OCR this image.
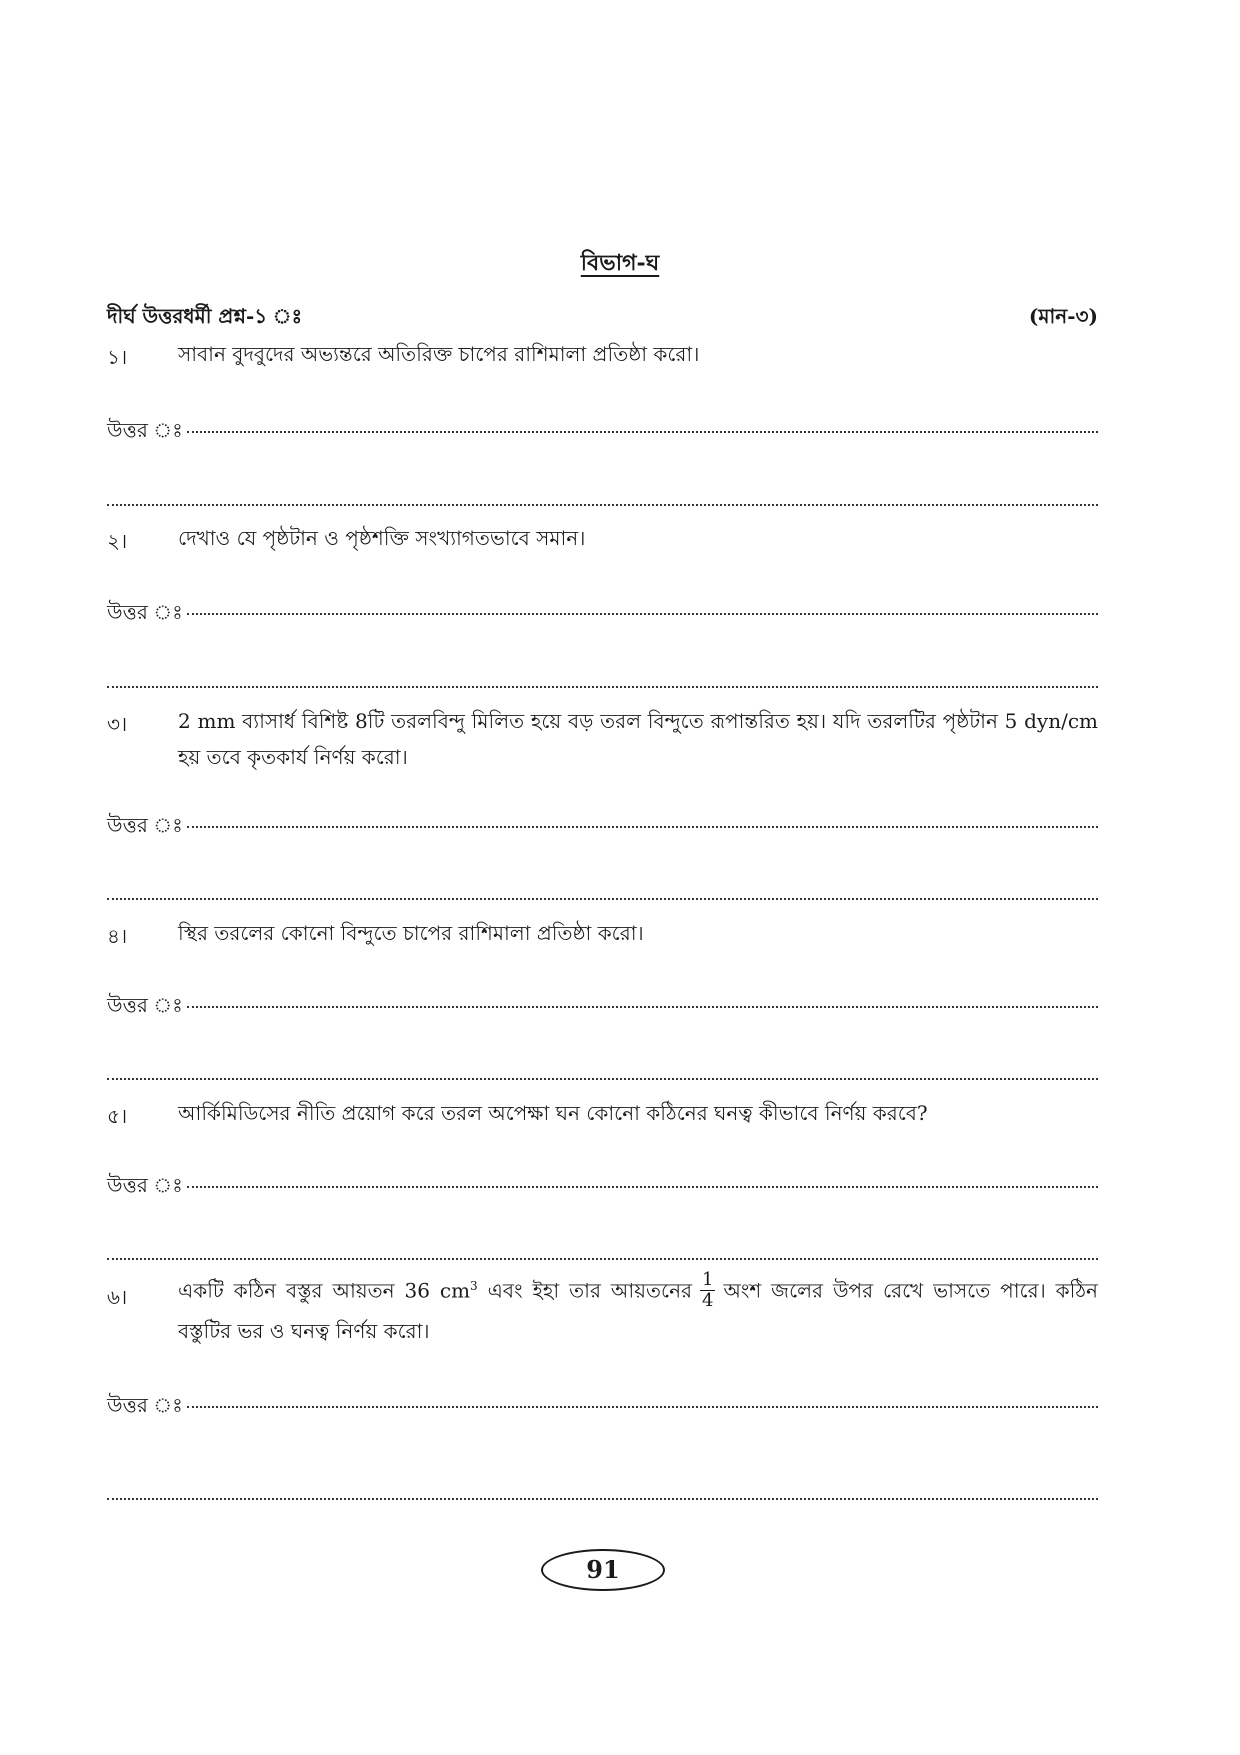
বিভাগ-ঘ
দীর্ঘ উত্তরধর্মী প্রশ্ন-১ ঃ	(মান-৩)
১।	সাবান বুদবুদের অভ্যন্তরে অতিরিক্ত চাপের রাশিমালা প্রতিষ্ঠা করো।
উত্তর ঃ
২।	দেখাও যে পৃষ্ঠটান ও পৃষ্ঠশক্তি সংখ্যাগতভাবে সমান।
উত্তর ঃ
৩।	2 mm ব্যাসার্ধ বিশিষ্ট 8টি তরলবিন্দু মিলিত হয়ে বড় তরল বিন্দুতে রূপান্তরিত হয়। যদি তরলটির পৃষ্ঠটান 5 dyn/cm হয় তবে কৃতকার্য নির্ণয় করো।
উত্তর ঃ
৪।	স্থির তরলের কোনো বিন্দুতে চাপের রাশিমালা প্রতিষ্ঠা করো।
উত্তর ঃ
৫।	আর্কিমিডিসের নীতি প্রয়োগ করে তরল অপেক্ষা ঘন কোনো কঠিনের ঘনত্ব কীভাবে নির্ণয় করবে?
উত্তর ঃ
৬।	একটি কঠিন বস্তুর আয়তন 36 $cm^3$ এবং ইহা তার আয়তনের $\frac{1}{4}$ অংশ জলের উপর রেখে ভাসতে পারে। কঠিন বস্তুটির ভর ও ঘনত্ব নির্ণয় করো।
উত্তর ঃ
91
